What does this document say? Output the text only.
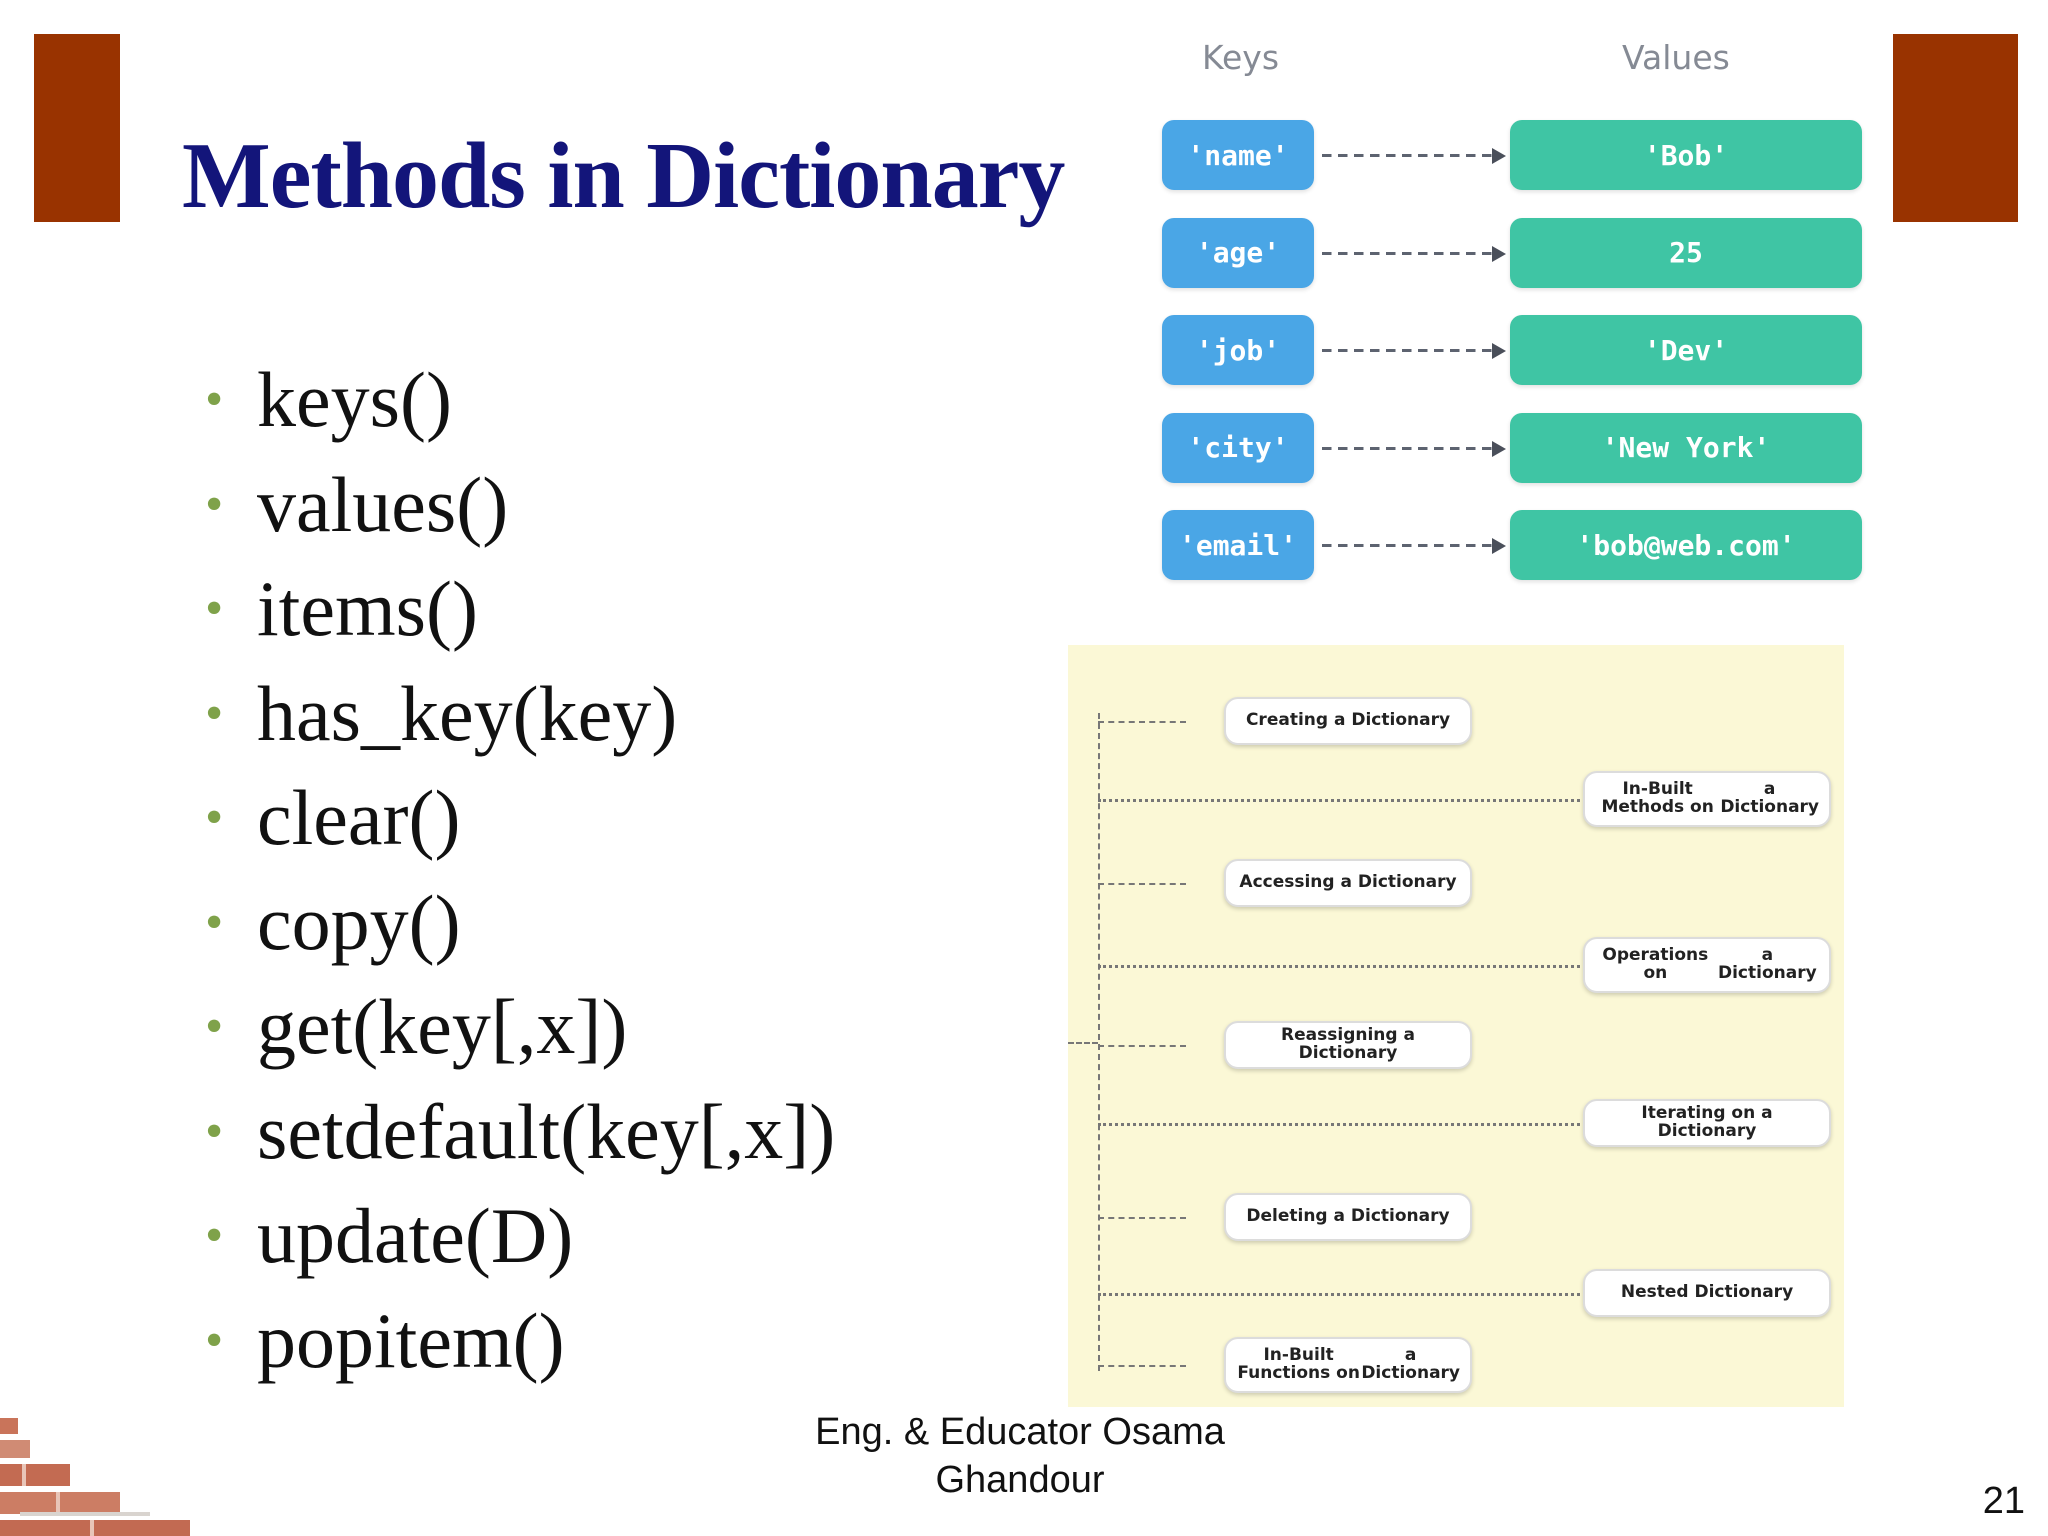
Methods in Dictionary
• keys()
• values()
• items()
• has_key(key)
• clear()
• copy()
• get(key[,x])
• setdefault(key[,x])
• update(D)
• popitem()
Keys	Values
'name'	'Bob'
'age'	25
'job'	'Dev'
'city'	'New York'
'email'	'bob@web.com'
Creating a Dictionary
Accessing a Dictionary
Reassigning a Dictionary
Deleting a Dictionary
In-Built Functions on
a Dictionary
In-Built Methods on
a Dictionary
Operations on
a Dictionary
Iterating on a Dictionary
Nested Dictionary
Eng. & Educator Osama
Ghandour	21
